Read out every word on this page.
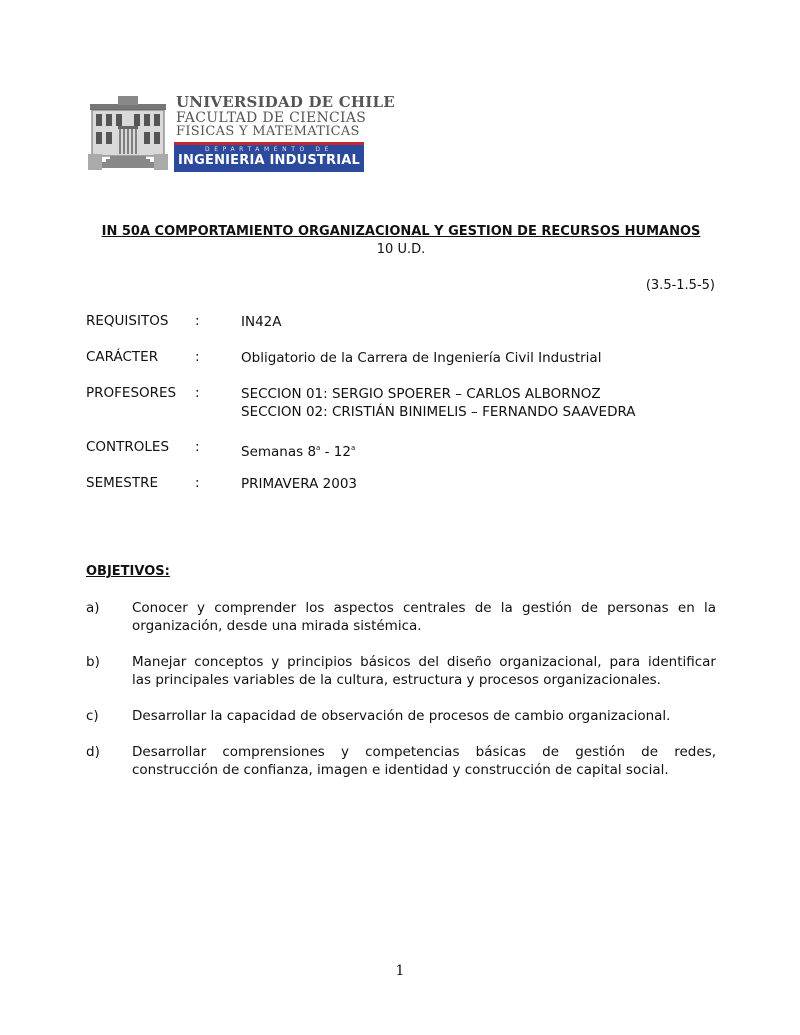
UNIVERSIDAD DE CHILE
FACULTAD DE CIENCIAS
FISICAS Y MATEMATICAS
DEPARTAMENTO DE
INGENIERIA INDUSTRIAL
IN 50A COMPORTAMIENTO ORGANIZACIONAL Y GESTION DE RECURSOS HUMANOS
10 U.D.
(3.5-1.5-5)
REQUISITOS	:	IN42A
CARÁCTER	:	Obligatorio de la Carrera de Ingeniería Civil Industrial
PROFESORES	:	SECCION 01: SERGIO SPOERER – CARLOS ALBORNOZ
SECCION 02: CRISTIÁN BINIMELIS – FERNANDO SAAVEDRA
CONTROLES	:	Semanas 8$^a$ - 12$^a$
SEMESTRE	:	PRIMAVERA 2003
OBJETIVOS:
a) Conocer y comprender los aspectos centrales de la gestión de personas en la
organización, desde una mirada sistémica.
b) Manejar conceptos y principios básicos del diseño organizacional, para identificar
las principales variables de la cultura, estructura y procesos organizacionales.
c) Desarrollar la capacidad de observación de procesos de cambio organizacional.
d) Desarrollar comprensiones y competencias básicas de gestión de redes,
construcción de confianza, imagen e identidad y construcción de capital social.
1
